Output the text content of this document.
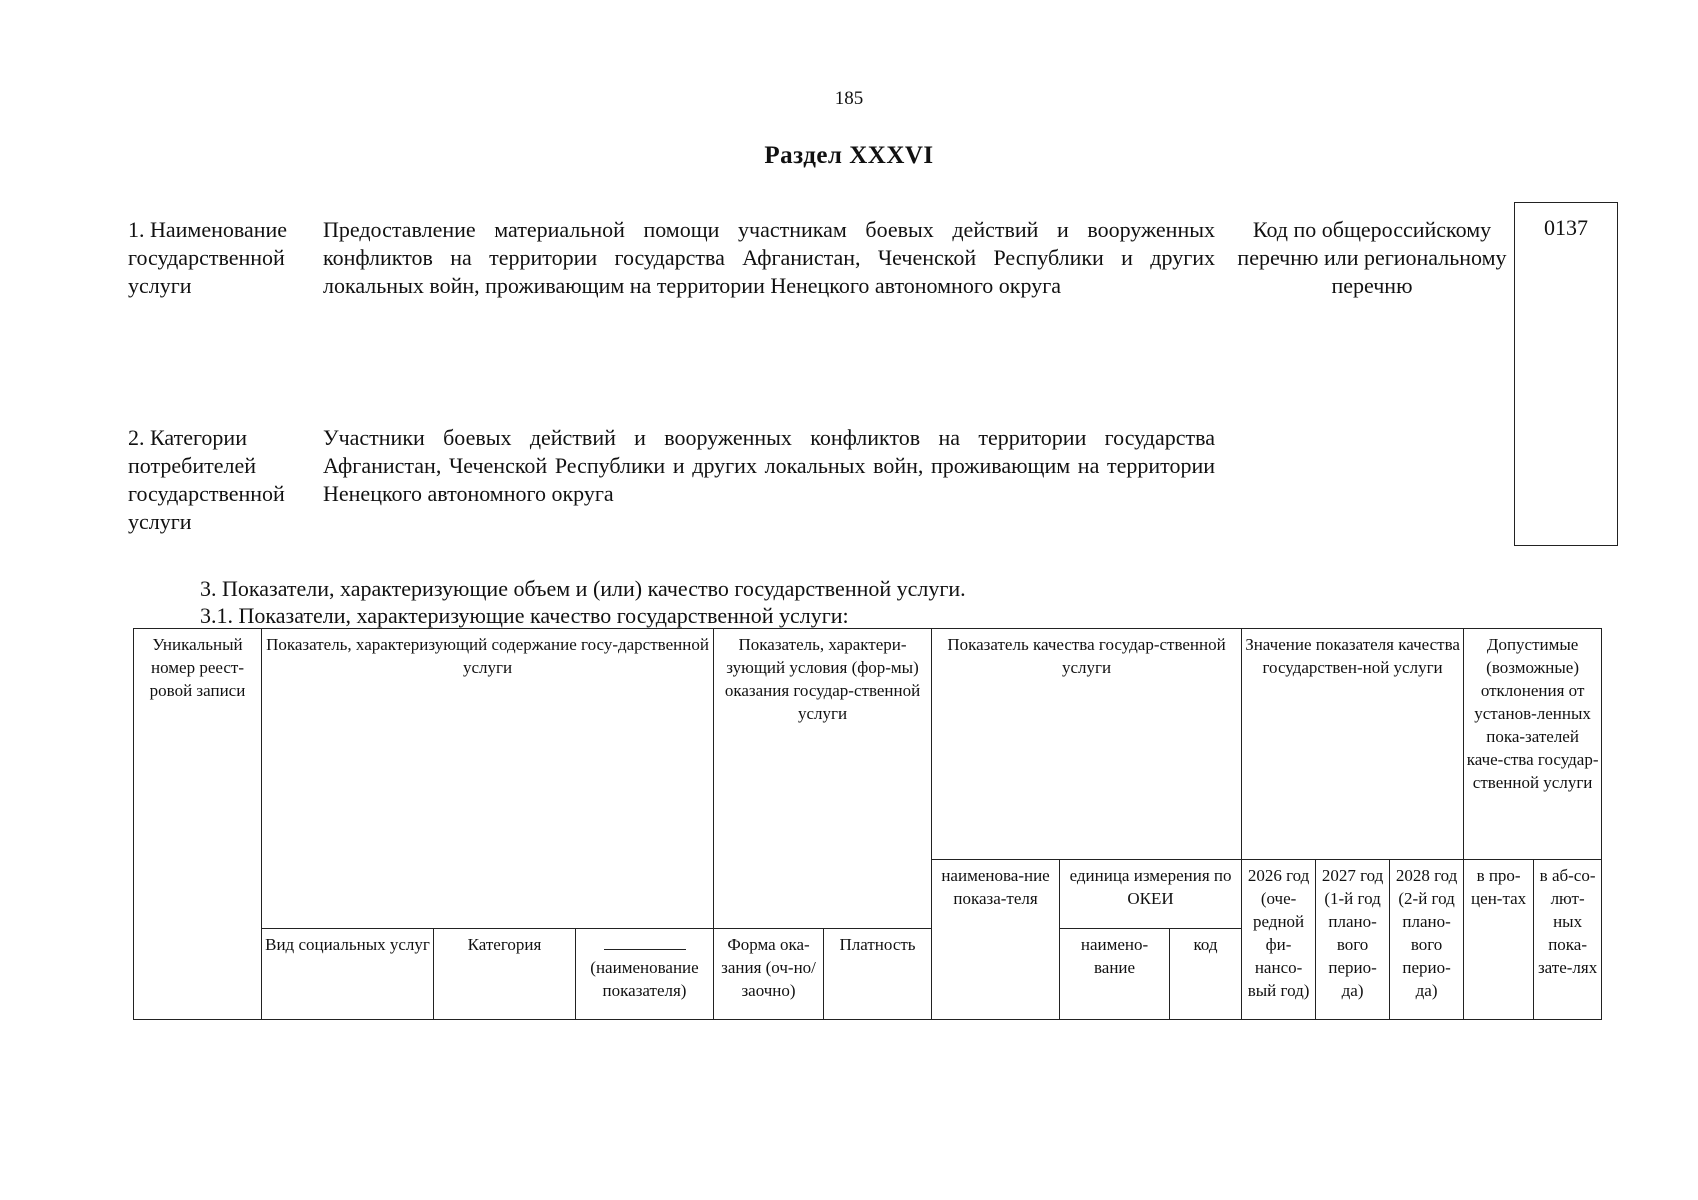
185
Раздел XXXVI
1. Наименование государственной услуги
Предоставление материальной помощи участникам боевых действий и вооруженных конфликтов на территории государства Афганистан, Чеченской Республики и других локальных войн, проживающим на территории Ненецкого автономного округа
Код по общероссийскому перечню или региональному перечню
0137
2. Категории потребителей государственной услуги
Участники боевых действий и вооруженных конфликтов на территории государства Афганистан, Чеченской Республики и других локальных войн, проживающим на территории Ненецкого автономного округа
3. Показатели, характеризующие объем и (или) качество государственной услуги.
3.1. Показатели, характеризующие качество государственной услуги:
Уникальный номер реест-ровой записи	Показатель, характеризующий содержание госу-дарственной услуги			Показатель, характери-зующий условия (фор-мы) оказания государ-ственной услуги		Показатель качества государ-ственной услуги			Значение показателя качества государствен-ной услуги			Допустимые (возможные) отклонения от установ-ленных пока-зателей каче-ства государ-ственной услуги	
						наименова-ние показа-теля	единица измерения по ОКЕИ		2026 год (оче-редной фи-нансо-вый год)	2027 год (1-й год плано-вого перио-да)	2028 год (2-й год плано-вого перио-да)	в про-цен-тах	в аб-со-лют-ных пока-зате-лях
							наимено-вание	код					
	Вид социальных услуг	Категория	(наименование показателя)	Форма ока-зания (оч-но/заочно)	Платность								
